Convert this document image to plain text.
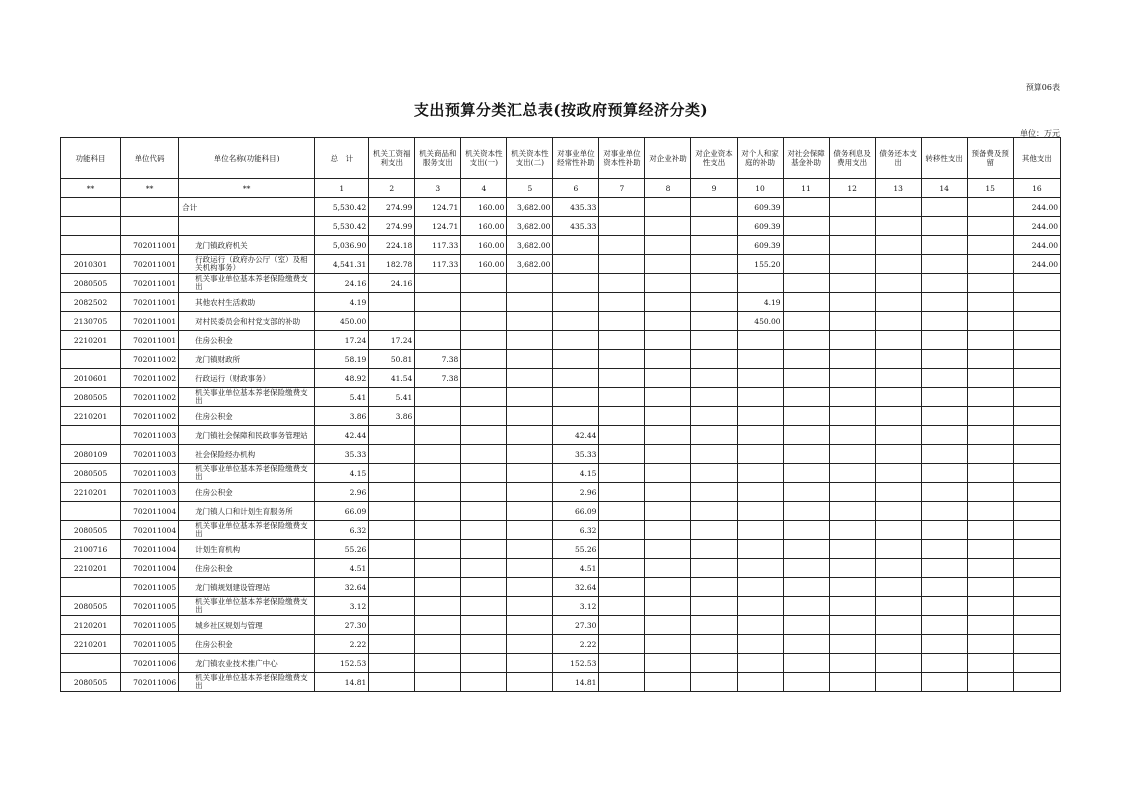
预算06表
支出预算分类汇总表(按政府预算经济分类)
单位：万元
功能科目	单位代码	单位名称(功能科目)	总　计	机关工资福利支出	机关商品和服务支出	机关资本性支出(一)	机关资本性支出(二)	对事业单位经常性补助	对事业单位资本性补助	对企业补助	对企业资本性支出	对个人和家庭的补助	对社会保障基金补助	债务利息及费用支出	债务还本支出	转移性支出	预备费及预留	其他支出
**	**	**	1	2	3	4	5	6	7	8	9	10	11	12	13	14	15	16
		合计	5,530.42	274.99	124.71	160.00	3,682.00	435.33				609.39						244.00
			5,530.42	274.99	124.71	160.00	3,682.00	435.33				609.39						244.00
	702011001	龙门镇政府机关	5,036.90	224.18	117.33	160.00	3,682.00					609.39						244.00
2010301	702011001	行政运行（政府办公厅（室）及相关机构事务）	4,541.31	182.78	117.33	160.00	3,682.00					155.20						244.00
2080505	702011001	机关事业单位基本养老保险缴费支出	24.16	24.16														
2082502	702011001	其他农村生活救助	4.19									4.19						
2130705	702011001	对村民委员会和村党支部的补助	450.00									450.00						
2210201	702011001	住房公积金	17.24	17.24														
	702011002	龙门镇财政所	58.19	50.81	7.38													
2010601	702011002	行政运行（财政事务）	48.92	41.54	7.38													
2080505	702011002	机关事业单位基本养老保险缴费支出	5.41	5.41														
2210201	702011002	住房公积金	3.86	3.86														
	702011003	龙门镇社会保障和民政事务管理站	42.44					42.44										
2080109	702011003	社会保险经办机构	35.33					35.33										
2080505	702011003	机关事业单位基本养老保险缴费支出	4.15					4.15										
2210201	702011003	住房公积金	2.96					2.96										
	702011004	龙门镇人口和计划生育服务所	66.09					66.09										
2080505	702011004	机关事业单位基本养老保险缴费支出	6.32					6.32										
2100716	702011004	计划生育机构	55.26					55.26										
2210201	702011004	住房公积金	4.51					4.51										
	702011005	龙门镇规划建设管理站	32.64					32.64										
2080505	702011005	机关事业单位基本养老保险缴费支出	3.12					3.12										
2120201	702011005	城乡社区规划与管理	27.30					27.30										
2210201	702011005	住房公积金	2.22					2.22										
	702011006	龙门镇农业技术推广中心	152.53					152.53										
2080505	702011006	机关事业单位基本养老保险缴费支出	14.81					14.81										
